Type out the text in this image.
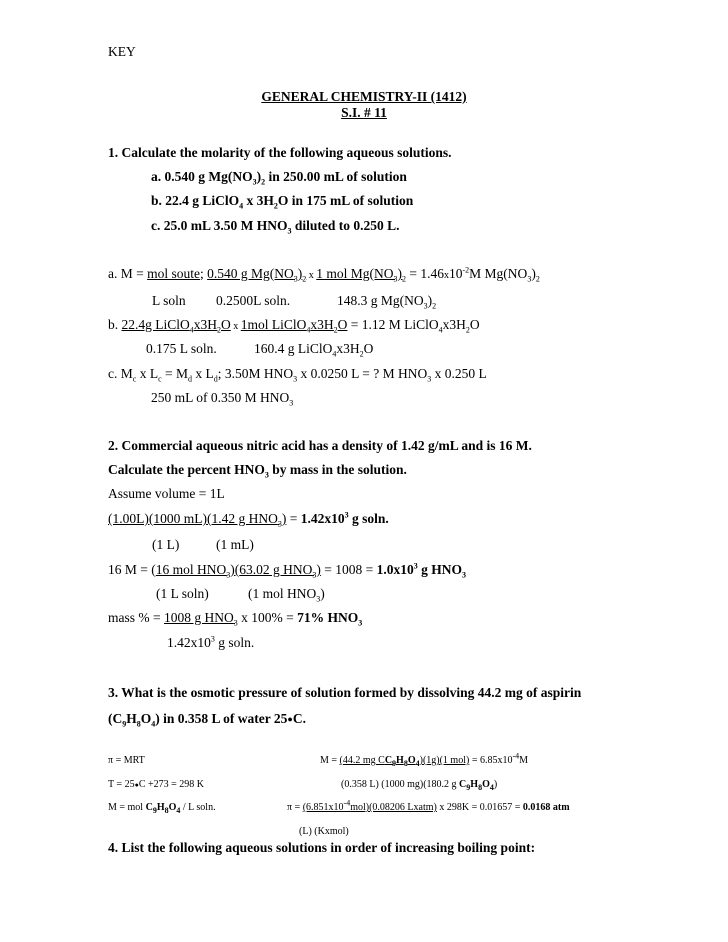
KEY
GENERAL CHEMISTRY-II (1412)
S.I. # 11
1. Calculate the molarity of the following aqueous solutions.
a. 0.540 g $Mg(NO_3)_2$ in 250.00 mL of solution
b. 22.4 g LiClO$_4$ x $3H_2O$ in 175 mL of solution
c. 25.0 mL 3.50 M $HNO_3$ diluted to 0.250 L.
a. M = mol soute; 0.540 g $Mg(NO_3)_2$ x 1 mol $Mg(NO_3)_2 = 1.46x10^{-2}M$ $Mg(NO_3)_2$
L soln 0.2500L soln.	148.3 g $Mg(NO_3)_2$
b. 22.4g $LiClO_4x3H_2O$ x 1mol $LiClO_4x3H_2O = 1.12$ M $LiClO_4x3H_2O$
0.175 L soln.	160.4 g $LiClO_4x3H_2O$
c. $M_c$ x $L_c = M_d$ x $L_d$; 3.50M $HNO_3$ x 0.0250 L = ? M $HNO_3$ x 0.250 L
250 mL of 0.350 M $HNO_3$
2. Commercial aqueous nitric acid has a density of 1.42 g/mL and is 16 M.
Calculate the percent $HNO_3$ by mass in the solution.
Assume volume = 1L
(1.00L)(1000 mL)(1.42 g $HNO_3) = 1.42x10^3$ g soln.
(1 L)	(1 mL)
16 M = (16 mol $HNO_3)(63.02$ g $HNO_3) = 1008 = 1.0x10^3$ g $HNO_3$
(1 L soln)	(1 mol $HNO_3$)
mass % = 1008 g $HNO_3$ x 100% = 71% $HNO_3$
$1.42x10^3$ g soln.
3. What is the osmotic pressure of solution formed by dissolving 44.2 mg of aspirin
$(C_9H_8O_4)$ in 0.358 L of water 25●C.
π = MRT	M = (44.2 mg $CC_9H_8O_4)(1g)(1$ $mol) = 6.85x10^{-4}M$
T = 25●C +273 = 298 K	(0.358 L) (1000 mg)(180.2 g $C_9H_8O_4$)
M = mol $C_9H_8O_4$ / L soln.	$\pi = (6.851x10^{-4}mol)(0.08206$ Lxatm) x 298K = 0.01657 = 0.0168 atm
(L) (Kxmol)
4. List the following aqueous solutions in order of increasing boiling point:
